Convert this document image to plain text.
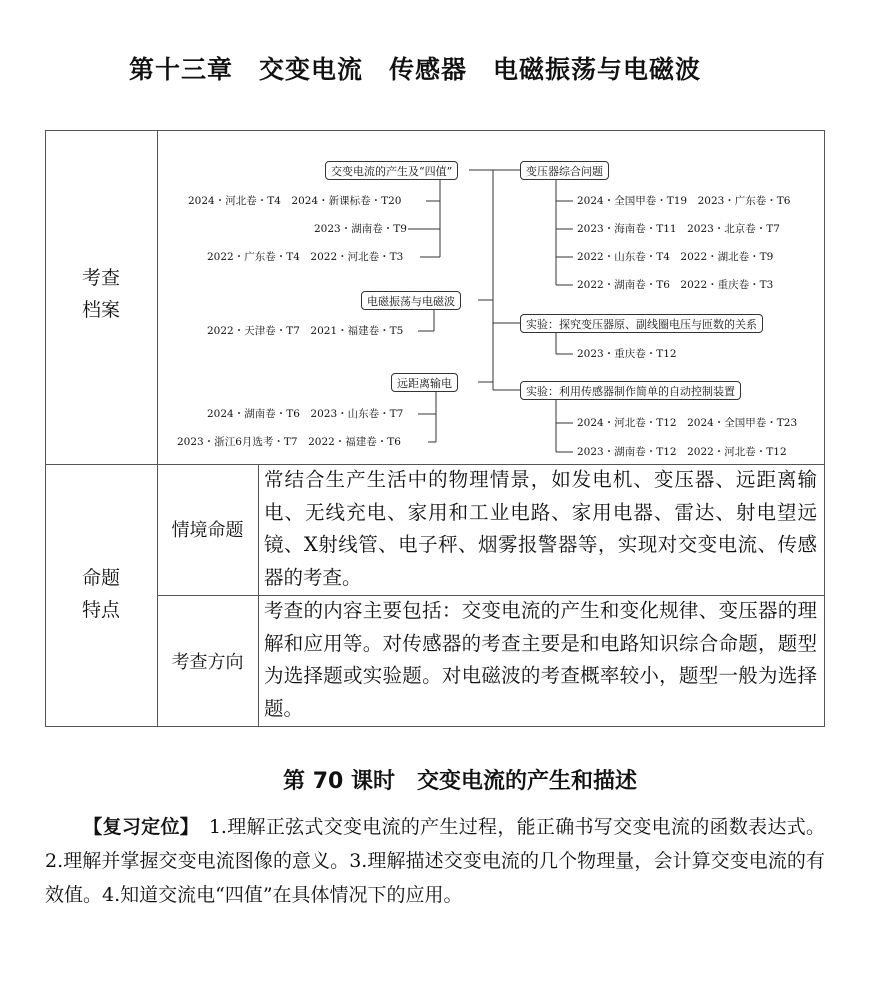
第十三章　交变电流　传感器　电磁振荡与电磁波
考查
档案
命题
特点
情境命题
考查方向
常结合生产生活中的物理情景，如发电机、变压器、远距离输电、无线充电、家用和工业电路、家用电器、雷达、射电望远镜、X射线管、电子秤、烟雾报警器等，实现对交变电流、传感器的考查。
考查的内容主要包括：交变电流的产生和变化规律、变压器的理解和应用等。对传感器的考查主要是和电路知识综合命题，题型为选择题或实验题。对电磁波的考查概率较小，题型一般为选择题。
交变电流的产生及“四值”
电磁振荡与电磁波
远距离输电
变压器综合问题
实验：探究变压器原、副线圈电压与匝数的关系
实验：利用传感器制作简单的自动控制装置
2024・河北卷・T4　2024・新课标卷・T20
2023・湖南卷・T9
2022・广东卷・T4　2022・河北卷・T3
2022・天津卷・T7　2021・福建卷・T5
2024・湖南卷・T6　2023・山东卷・T7
2023・浙江6月选考・T7　2022・福建卷・T6
2024・全国甲卷・T19　2023・广东卷・T6
2023・海南卷・T11　2023・北京卷・T7
2022・山东卷・T4　2022・湖北卷・T9
2022・湖南卷・T6　2022・重庆卷・T3
2023・重庆卷・T12
2024・河北卷・T12　2024・全国甲卷・T23
2023・湖南卷・T12　2022・河北卷・T12
第 70 课时　交变电流的产生和描述
【复习定位】　1.理解正弦式交变电流的产生过程，能正确书写交变电流的函数表达式。2.理解并掌握交变电流图像的意义。3.理解描述交变电流的几个物理量，会计算交变电流的有效值。4.知道交流电“四值”在具体情况下的应用。
